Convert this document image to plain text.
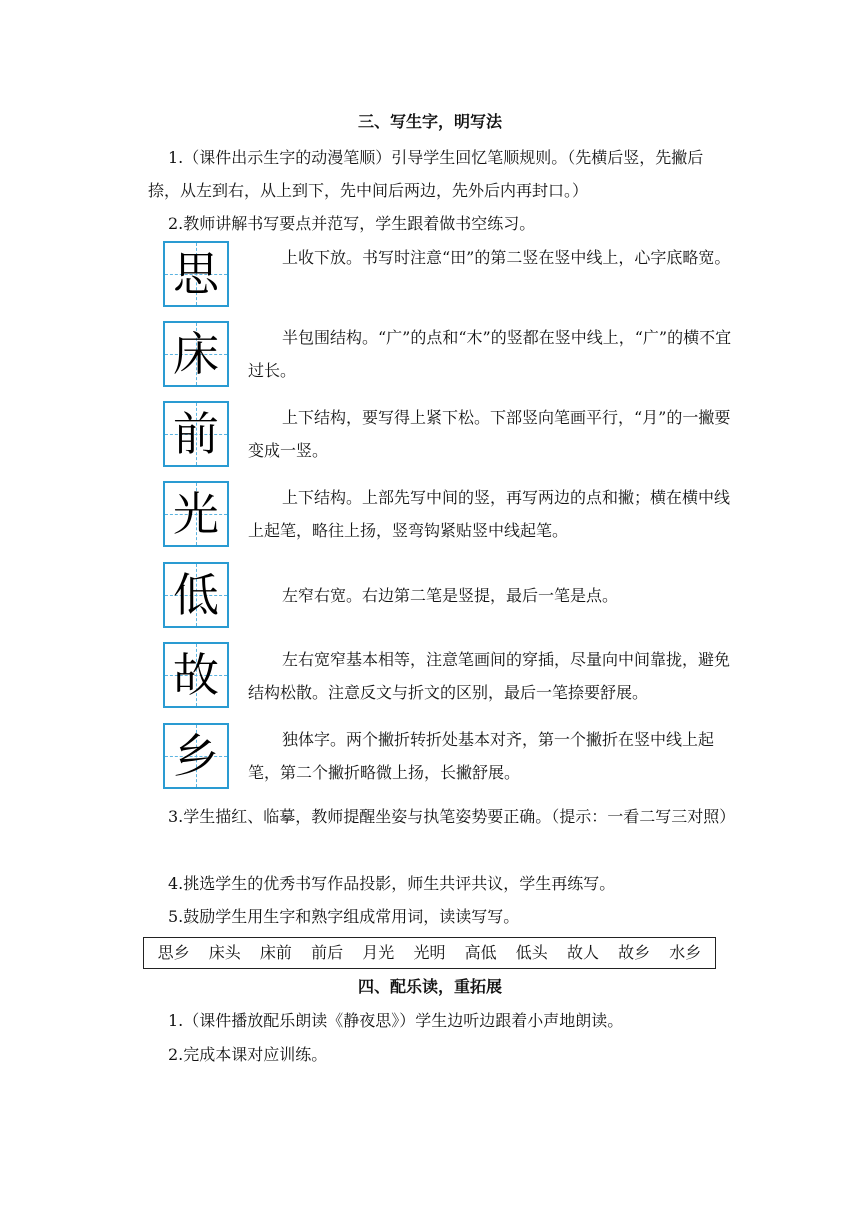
三、写生字，明写法
1.（课件出示生字的动漫笔顺）引导学生回忆笔顺规则。（先横后竖，先撇后捺，从左到右，从上到下，先中间后两边，先外后内再封口。）
2.教师讲解书写要点并范写，学生跟着做书空练习。
思	上收下放。书写时注意“田”的第二竖在竖中线上，心字底略宽。
床	半包围结构。“广”的点和“木”的竖都在竖中线上，“广”的横不宜过长。
前	上下结构，要写得上紧下松。下部竖向笔画平行，“月”的一撇要变成一竖。
光	上下结构。上部先写中间的竖，再写两边的点和撇；横在横中线上起笔，略往上扬，竖弯钩紧贴竖中线起笔。
低	左窄右宽。右边第二笔是竖提，最后一笔是点。
故	左右宽窄基本相等，注意笔画间的穿插，尽量向中间靠拢，避免结构松散。注意反文与折文的区别，最后一笔捺要舒展。
乡	独体字。两个撇折转折处基本对齐，第一个撇折在竖中线上起笔，第二个撇折略微上扬，长撇舒展。
3.学生描红、临摹，教师提醒坐姿与执笔姿势要正确。（提示：一看二写三对照）
4.挑选学生的优秀书写作品投影，师生共评共议，学生再练写。
5.鼓励学生用生字和熟字组成常用词，读读写写。
思乡 床头 床前 前后 月光 光明 高低 低头 故人 故乡 水乡
四、配乐读，重拓展
1.（课件播放配乐朗读《静夜思》）学生边听边跟着小声地朗读。
2.完成本课对应训练。
